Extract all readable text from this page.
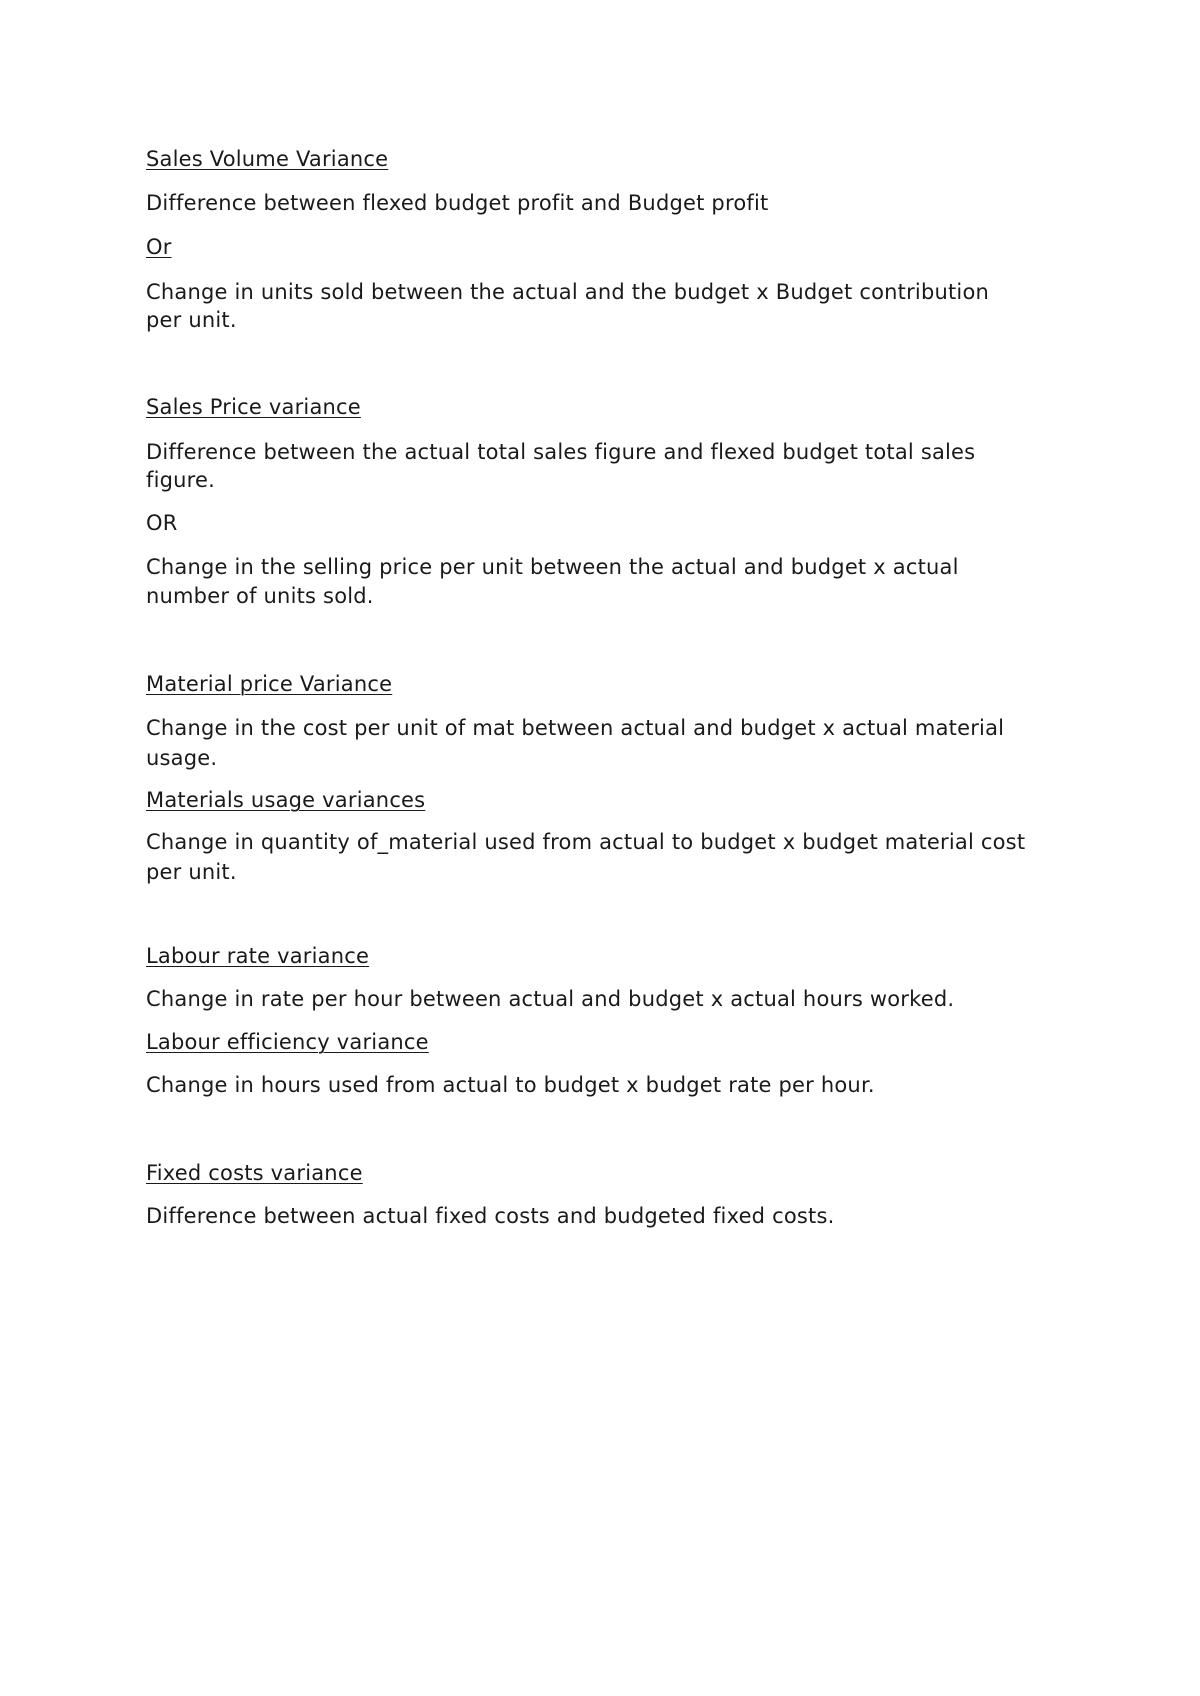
Sales Volume Variance
Difference between flexed budget profit and Budget profit
Or
Change in units sold between the actual and the budget x Budget contribution
per unit.
Sales Price variance
Difference between the actual total sales figure and flexed budget total sales
figure.
OR
Change in the selling price per unit between the actual and budget x actual
number of units sold.
Material price Variance
Change in the cost per unit of mat between actual and budget x actual material
usage.
Materials usage variances
Change in quantity of_material used from actual to budget x budget material cost
per unit.
Labour rate variance
Change in rate per hour between actual and budget x actual hours worked.
Labour efficiency variance
Change in hours used from actual to budget x budget rate per hour.
Fixed costs variance
Difference between actual fixed costs and budgeted fixed costs.
